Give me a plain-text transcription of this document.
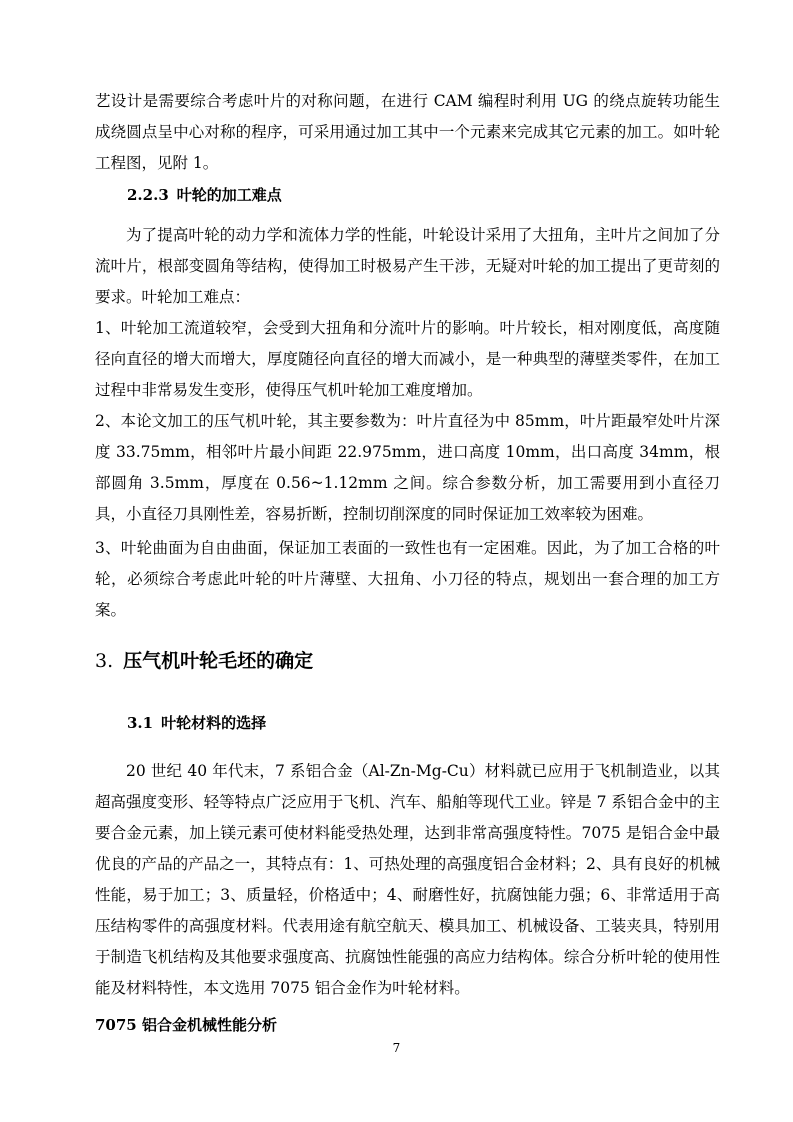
艺设计是需要综合考虑叶片的对称问题，在进行 CAM 编程时利用 UG 的绕点旋转功能生成绕圆点呈中心对称的程序，可采用通过加工其中一个元素来完成其它元素的加工。如叶轮工程图，见附 1。

2.2.3 叶轮的加工难点

为了提高叶轮的动力学和流体力学的性能，叶轮设计采用了大扭角，主叶片之间加了分流叶片，根部变圆角等结构，使得加工时极易产生干涉，无疑对叶轮的加工提出了更苛刻的要求。叶轮加工难点：

1、叶轮加工流道较窄，会受到大扭角和分流叶片的影响。叶片较长，相对刚度低，高度随径向直径的增大而增大，厚度随径向直径的增大而减小，是一种典型的薄壁类零件，在加工过程中非常易发生变形，使得压气机叶轮加工难度增加。

2、本论文加工的压气机叶轮，其主要参数为：叶片直径为中 85mm，叶片距最窄处叶片深度 33.75mm，相邻叶片最小间距 22.975mm，进口高度 10mm，出口高度 34mm，根部圆角 3.5mm，厚度在 0.56~1.12mm 之间。综合参数分析，加工需要用到小直径刀具，小直径刀具刚性差，容易折断，控制切削深度的同时保证加工效率较为困难。

3、叶轮曲面为自由曲面，保证加工表面的一致性也有一定困难。因此，为了加工合格的叶轮，必须综合考虑此叶轮的叶片薄壁、大扭角、小刀径的特点，规划出一套合理的加工方案。

3. 压气机叶轮毛坯的确定

3.1 叶轮材料的选择

20 世纪 40 年代末，7 系铝合金（Al-Zn-Mg-Cu）材料就已应用于飞机制造业，以其超高强度变形、轻等特点广泛应用于飞机、汽车、船舶等现代工业。锌是 7 系铝合金中的主要合金元素，加上镁元素可使材料能受热处理，达到非常高强度特性。7075 是铝合金中最优良的产品的产品之一，其特点有：1、可热处理的高强度铝合金材料；2、具有良好的机械性能，易于加工；3、质量轻，价格适中；4、耐磨性好，抗腐蚀能力强；6、非常适用于高压结构零件的高强度材料。代表用途有航空航天、模具加工、机械设备、工装夹具，特别用于制造飞机结构及其他要求强度高、抗腐蚀性能强的高应力结构体。综合分析叶轮的使用性能及材料特性，本文选用 7075 铝合金作为叶轮材料。

7075 铝合金机械性能分析

7
